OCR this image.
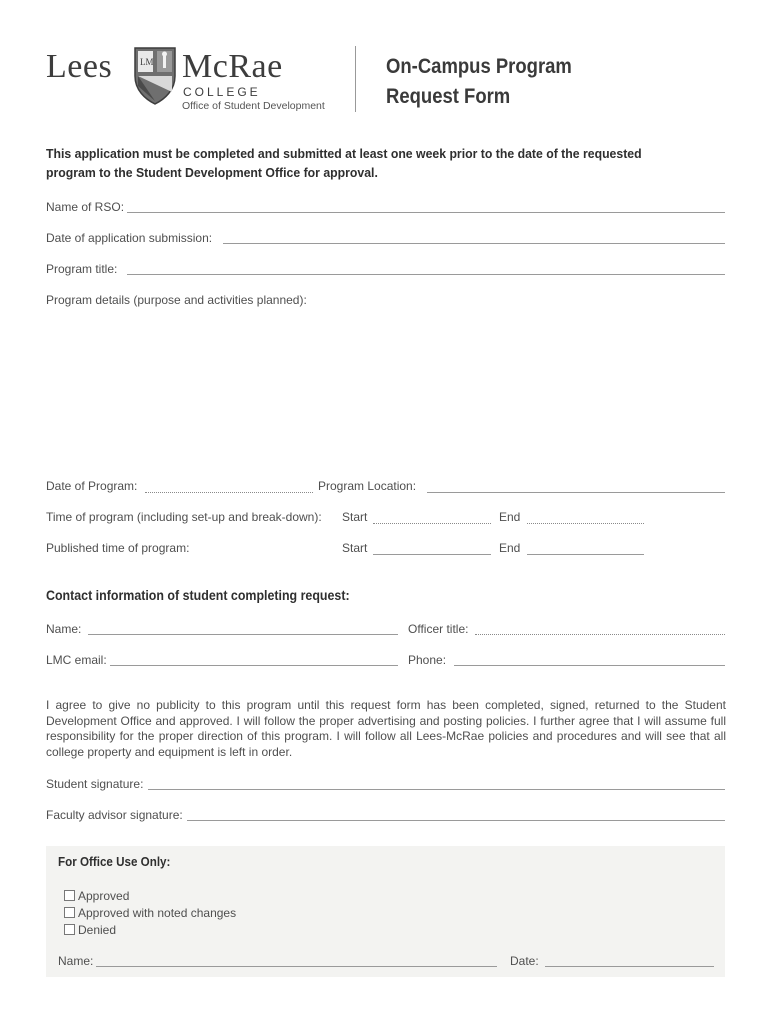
Lees	LM McRae
COLLEGE
Office of Student Development
On-Campus Program
Request Form
This application must be completed and submitted at least one week prior to the date of the requested program to the Student Development Office for approval.
Name of RSO:
Date of application submission:
Program title:
Program details (purpose and activities planned):
Date of Program:	Program Location:
Time of program (including set-up and break-down): Start	End
Published time of program:	Start	End
Contact information of student completing request:
Name:	Officer title:
LMC email:	Phone:
I agree to give no publicity to this program until this request form has been completed, signed, returned to the Student Development Office and approved. I will follow the proper advertising and posting policies. I further agree that I will assume full responsibility for the proper direction of this program. I will follow all Lees-McRae policies and procedures and will see that all college property and equipment is left in order.
Student signature:
Faculty advisor signature:
For Office Use Only:
Approved
Approved with noted changes
Denied
Name:	Date:
